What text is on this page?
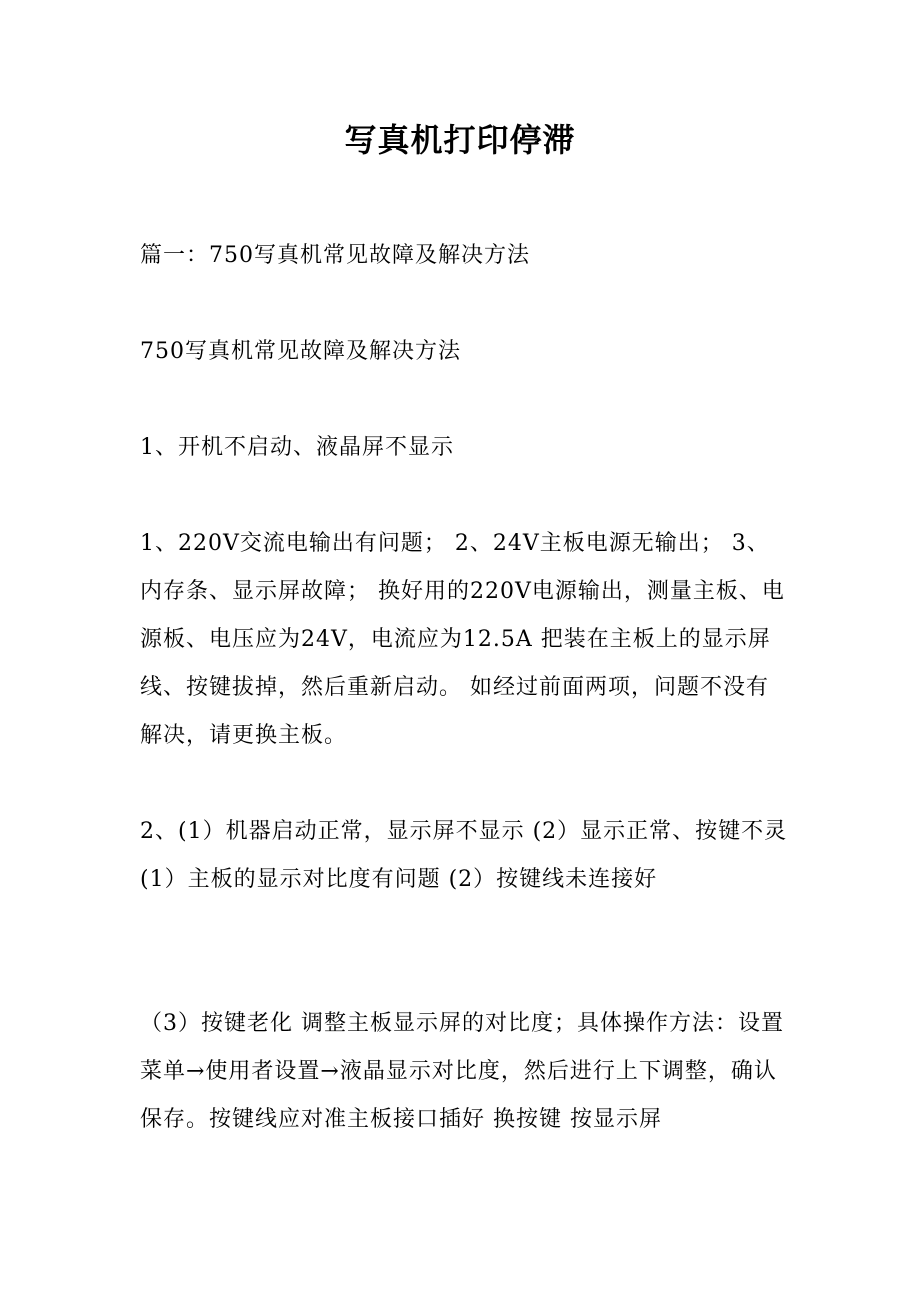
写真机打印停滞

篇一：750写真机常见故障及解决方法

750写真机常见故障及解决方法

1、开机不启动、液晶屏不显示

1、220V交流电输出有问题； 2、24V主板电源无输出； 3、内存条、显示屏故障； 换好用的220V电源输出，测量主板、电源板、电压应为24V，电流应为12.5A 把装在主板上的显示屏线、按键拔掉，然后重新启动。 如经过前面两项，问题不没有解决，请更换主板。

2、(1）机器启动正常，显示屏不显示 (2）显示正常、按键不灵 (1）主板的显示对比度有问题 (2）按键线未连接好

（3）按键老化 调整主板显示屏的对比度；具体操作方法：设置菜单→使用者设置→液晶显示对比度，然后进行上下调整，确认保存。按键线应对准主板接口插好 换按键 按显示屏
